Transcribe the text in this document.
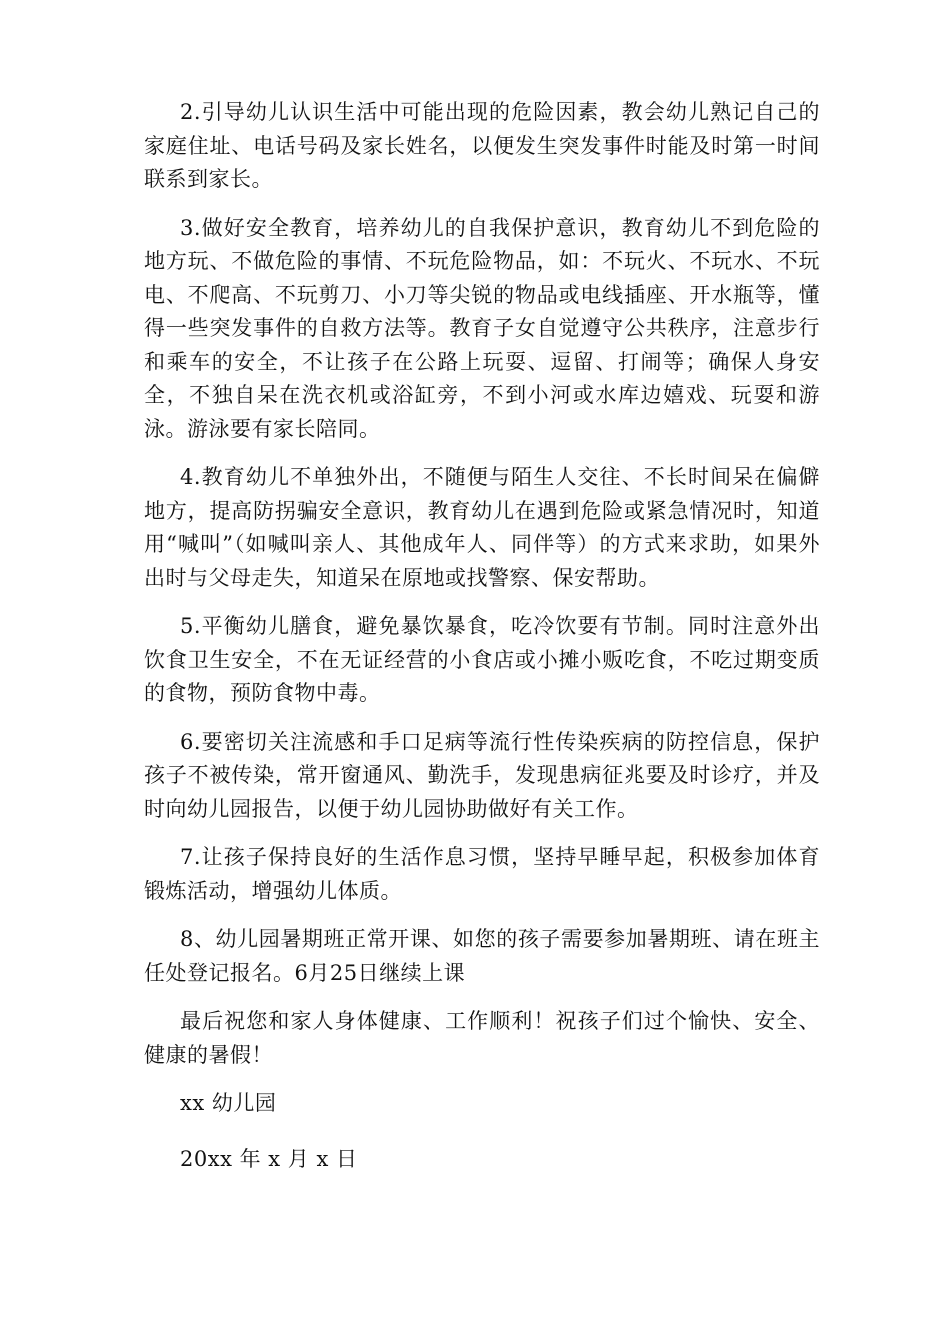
2.引导幼儿认识生活中可能出现的危险因素，教会幼儿熟记自己的家庭住址、电话号码及家长姓名，以便发生突发事件时能及时第一时间联系到家长。

3.做好安全教育，培养幼儿的自我保护意识，教育幼儿不到危险的地方玩、不做危险的事情、不玩危险物品，如：不玩火、不玩水、不玩电、不爬高、不玩剪刀、小刀等尖锐的物品或电线插座、开水瓶等，懂得一些突发事件的自救方法等。教育子女自觉遵守公共秩序，注意步行和乘车的安全，不让孩子在公路上玩耍、逗留、打闹等；确保人身安全，不独自呆在洗衣机或浴缸旁，不到小河或水库边嬉戏、玩耍和游泳。游泳要有家长陪同。

4.教育幼儿不单独外出，不随便与陌生人交往、不长时间呆在偏僻地方，提高防拐骗安全意识，教育幼儿在遇到危险或紧急情况时，知道用“喊叫”（如喊叫亲人、其他成年人、同伴等）的方式来求助，如果外出时与父母走失，知道呆在原地或找警察、保安帮助。

5.平衡幼儿膳食，避免暴饮暴食，吃冷饮要有节制。同时注意外出饮食卫生安全，不在无证经营的小食店或小摊小贩吃食，不吃过期变质的食物，预防食物中毒。

6.要密切关注流感和手口足病等流行性传染疾病的防控信息，保护孩子不被传染，常开窗通风、勤洗手，发现患病征兆要及时诊疗，并及时向幼儿园报告，以便于幼儿园协助做好有关工作。

7.让孩子保持良好的生活作息习惯，坚持早睡早起，积极参加体育锻炼活动，增强幼儿体质。

8、幼儿园暑期班正常开课、如您的孩子需要参加暑期班、请在班主任处登记报名。6月25日继续上课

最后祝您和家人身体健康、工作顺利！祝孩子们过个愉快、安全、健康的暑假！

xx 幼儿园

20xx 年 x 月 x 日
